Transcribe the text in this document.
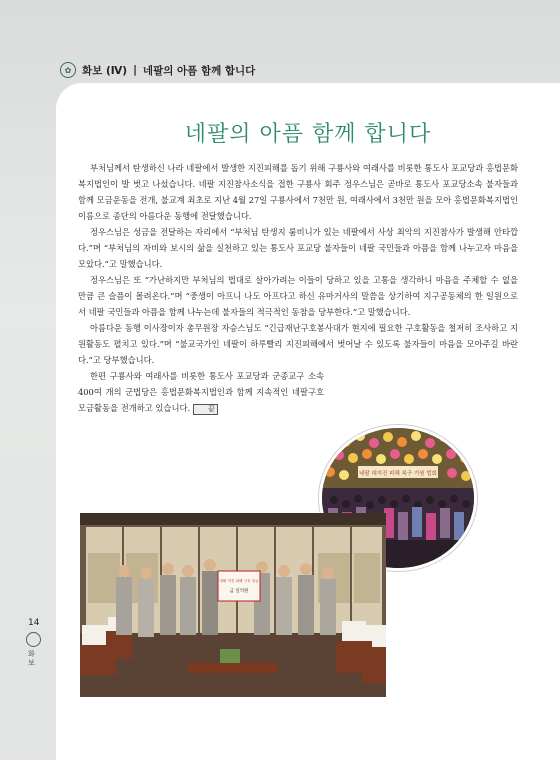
✿	화보 (Ⅳ) | 네팔의 아픔 함께 합니다
네팔의 아픔 함께 합니다

부처님께서 탄생하신 나라 네팔에서 발생한 지진피해를 돕기 위해 구룡사와 여래사를 비롯한 통도사 포교당과 홍법문화복지법인이 발 벗고 나섰습니다. 네팔 지진참사소식을 접한 구룡사 회주 정우스님은 곧바로 통도사 포교당소속 불자들과 함께 모금운동을 전개, 불교계 최초로 지난 4월 27일 구룡사에서 7천만 원, 여래사에서 3천만 원을 모아 홍법문화복지법인 이름으로 종단의 아름다운 동행에 전달했습니다.

정우스님은 성금을 전달하는 자리에서 “부처님 탄생지 룸비니가 있는 네팔에서 사상 최악의 지진참사가 발생해 안타깝다.”며 “부처님의 자비와 보시의 삶을 실천하고 있는 통도사 포교당 불자들이 네팔 국민들과 아픔을 함께 나누고자 마음을 모았다.”고 말했습니다.

정우스님은 또 “가난하지만 부처님의 법대로 살아가려는 이들이 당하고 있을 고통을 생각하니 마음을 주체할 수 없을 만큼 큰 슬픔이 몰려온다.”며 “중생이 아프니 나도 아프다고 하신 유마거사의 말씀을 상기하여 지구공동체의 한 일원으로서 네팔 국민들과 아픔을 함께 나누는데 불자들의 적극적인 동참을 당부한다.”고 말했습니다.

아름다운 동행 이사장이자 총무원장 자승스님도 “긴급재난구호봉사대가 현지에 필요한 구호활동을 철저히 조사하고 지원활동도 펼치고 있다.”며 “불교국가인 네팔이 하루빨리 지진피해에서 벗어날 수 있도록 불자들이 마음을 모아주길 바란다.”고 당부했습니다.

한편 구룡사와 여래사를 비롯한 통도사 포교당과 군종교구 소속 400여 개의 군법당은 홍법문화복지법인과 함께 지속적인 네팔구호모금활동을 전개하고 있습니다.	끝

네팔 대지진 피해 복구 기원 법회
네팔 지진 피해 구호 성금
금 일억원
14
화보
